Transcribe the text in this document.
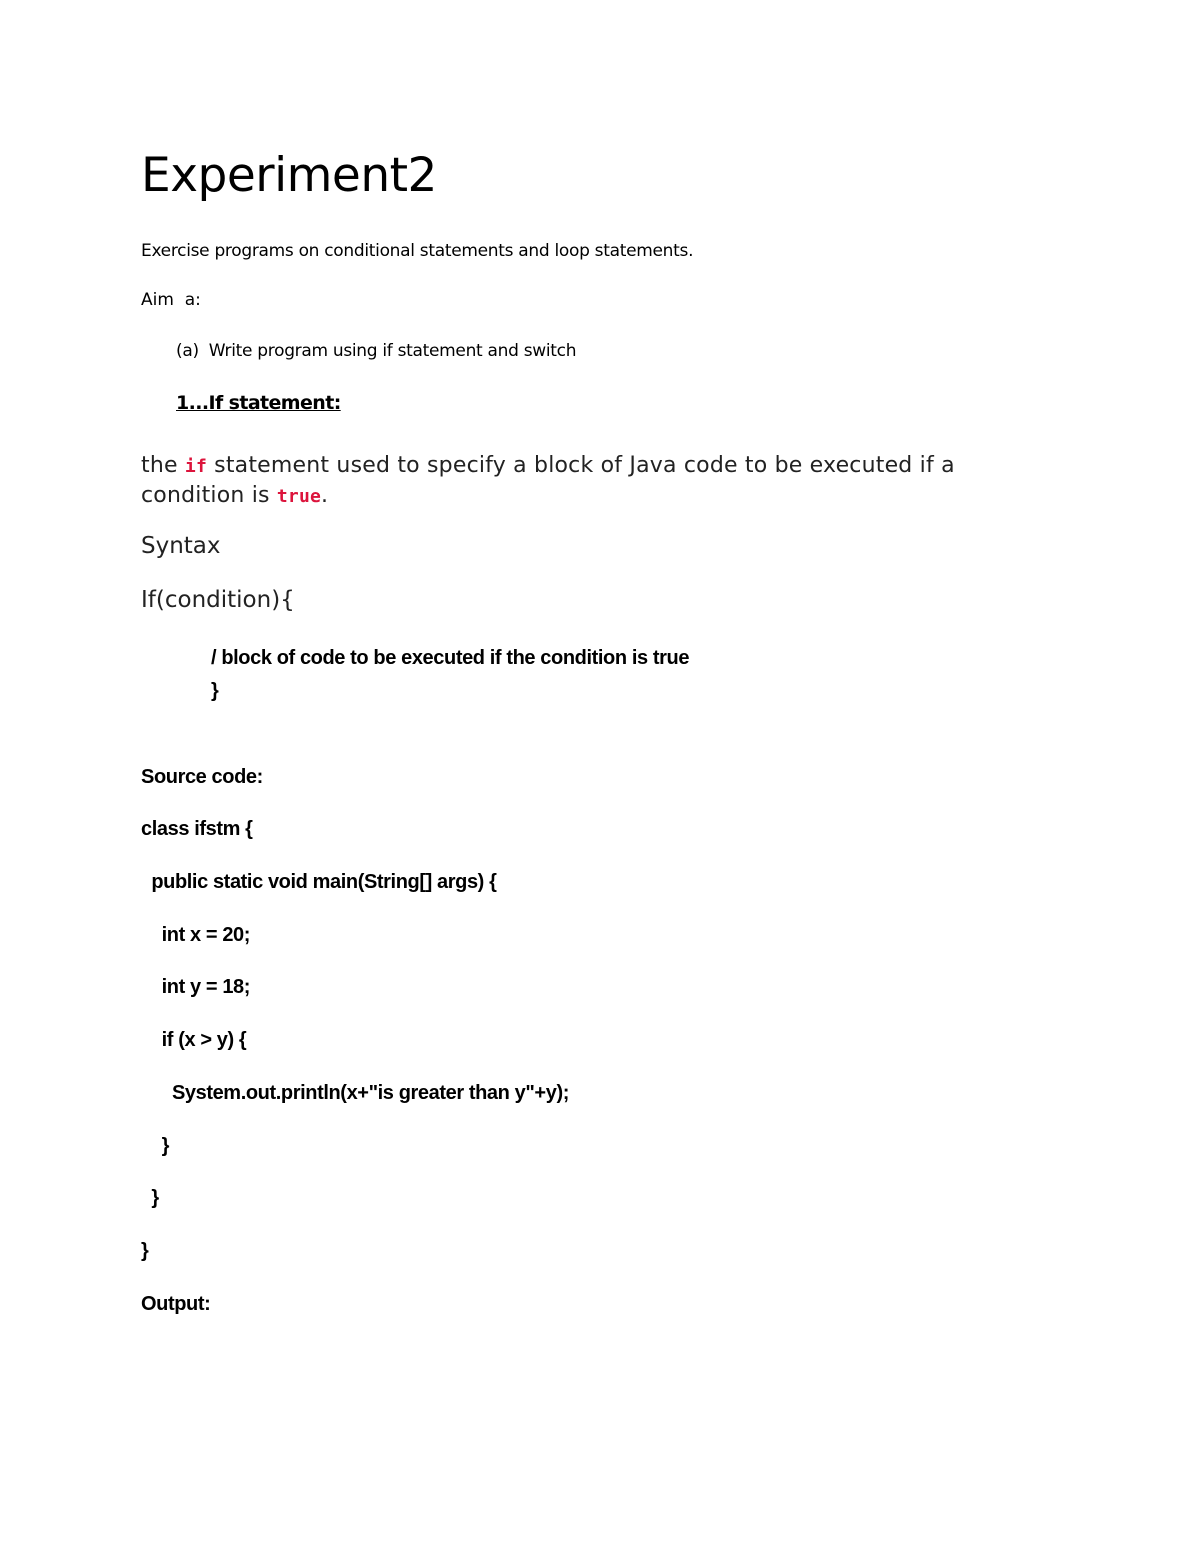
Experiment2
Exercise programs on conditional statements and loop statements.
Aim  a:
(a) Write program using if statement and switch
1...If statement:
the if statement used to specify a block of Java code to be executed if a condition is true.
Syntax
If(condition){
/ block of code to be executed if the condition is true
}
Source code:
class ifstm {
public static void main(String[] args) {
int x = 20;
int y = 18;
if (x > y) {
System.out.println(x+"is greater than y"+y);
}
}
}
Output:
